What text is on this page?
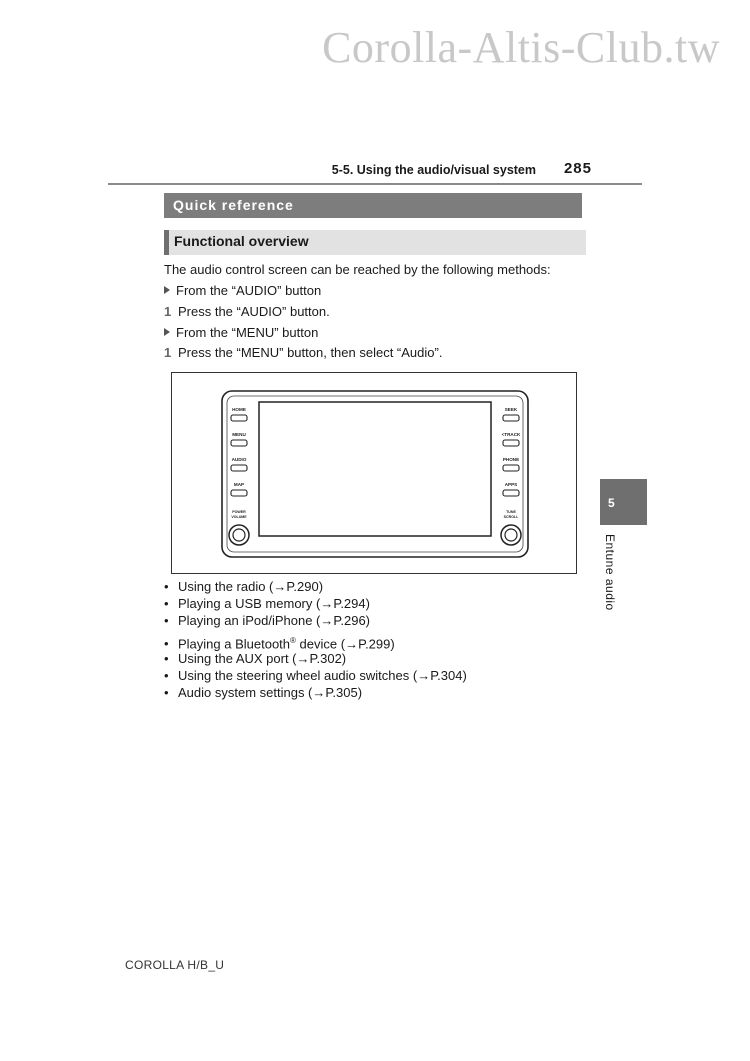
Corolla-Altis-Club.tw
5-5. Using the audio/visual system 285
Quick reference
Functional overview
The audio control screen can be reached by the following methods:
From the “AUDIO” button
1 Press the “AUDIO” button.
From the “MENU” button
1 Press the “MENU” button, then select “Audio”.
HOME
MENU
AUDIO
MAP
POWER
VOLUME
SEEK
<TRACK
PHONE
APPS
TUNE
SCROLL
• Using the radio (→P.290)
• Playing a USB memory (→P.294)
• Playing an iPod/iPhone (→P.296)
• Playing a Bluetooth® device (→P.299)
• Using the AUX port (→P.302)
• Using the steering wheel audio switches (→P.304)
• Audio system settings (→P.305)
5
Entune audio
COROLLA H/B_U
